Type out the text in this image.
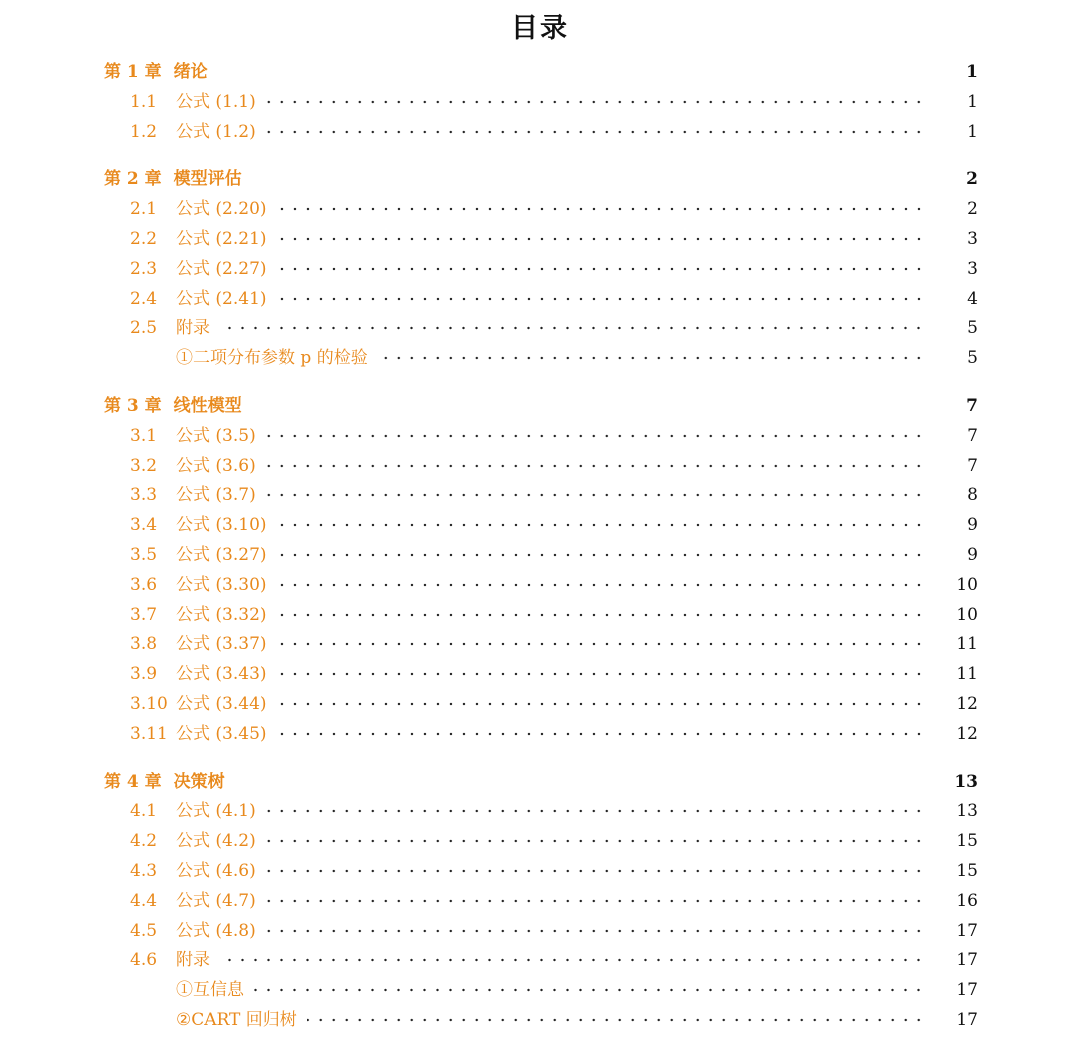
目录
第 1 章 绪论	1
1.1	公式 (1.1)	1
1.2	公式 (1.2)	1
第 2 章 模型评估	2
2.1	公式 (2.20)	2
2.2	公式 (2.21)	3
2.3	公式 (2.27)	3
2.4	公式 (2.41)	4
2.5	附录	5
①二项分布参数 p 的检验	5
第 3 章 线性模型	7
3.1	公式 (3.5)	7
3.2	公式 (3.6)	7
3.3	公式 (3.7)	8
3.4	公式 (3.10)	9
3.5	公式 (3.27)	9
3.6	公式 (3.30)	10
3.7	公式 (3.32)	10
3.8	公式 (3.37)	11
3.9	公式 (3.43)	11
3.10 公式 (3.44)	12
3.11 公式 (3.45)	12
第 4 章 决策树	13
4.1	公式 (4.1)	13
4.2	公式 (4.2)	15
4.3	公式 (4.6)	15
4.4	公式 (4.7)	16
4.5	公式 (4.8)	17
4.6	附录	17
①互信息	17
②CART 回归树	17
